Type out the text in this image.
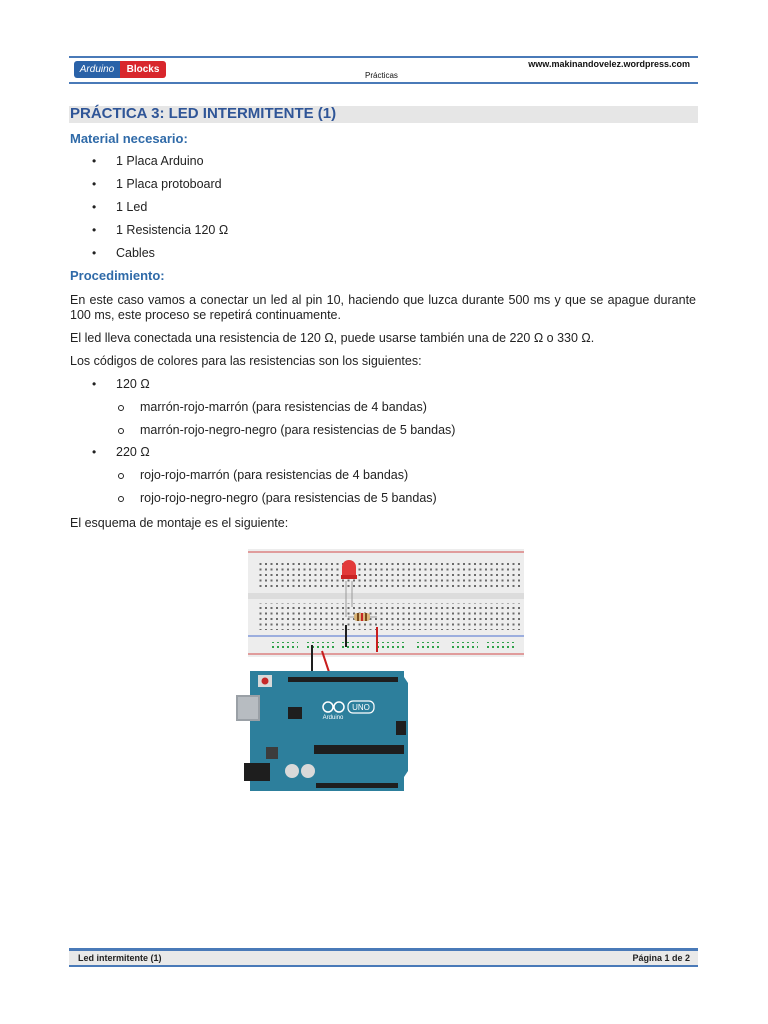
Arduino	Blocks	www.makinandovelez.wordpress.com
Prácticas
PRÁCTICA 3: LED INTERMITENTE (1)
Material necesario:
• 1 Placa Arduino
• 1 Placa protoboard
• 1 Led
• 1 Resistencia 120 Ω
• Cables
Procedimiento:
En este caso vamos a conectar un led al pin 10, haciendo que luzca durante 500 ms y que se apague durante 100 ms, este proceso se repetirá continuamente.
El led lleva conectada una resistencia de 120 Ω, puede usarse también una de 220 Ω o 330 Ω.
Los códigos de colores para las resistencias son los siguientes:
• 120 Ω
marrón-rojo-marrón (para resistencias de 4 bandas)
marrón-rojo-negro-negro (para resistencias de 5 bandas)
• 220 Ω
rojo-rojo-marrón (para resistencias de 4 bandas)
rojo-rojo-negro-negro (para resistencias de 5 bandas)
El esquema de montaje es el siguiente:
UNO
Arduino
Led intermitente (1)	Página 1 de 2
